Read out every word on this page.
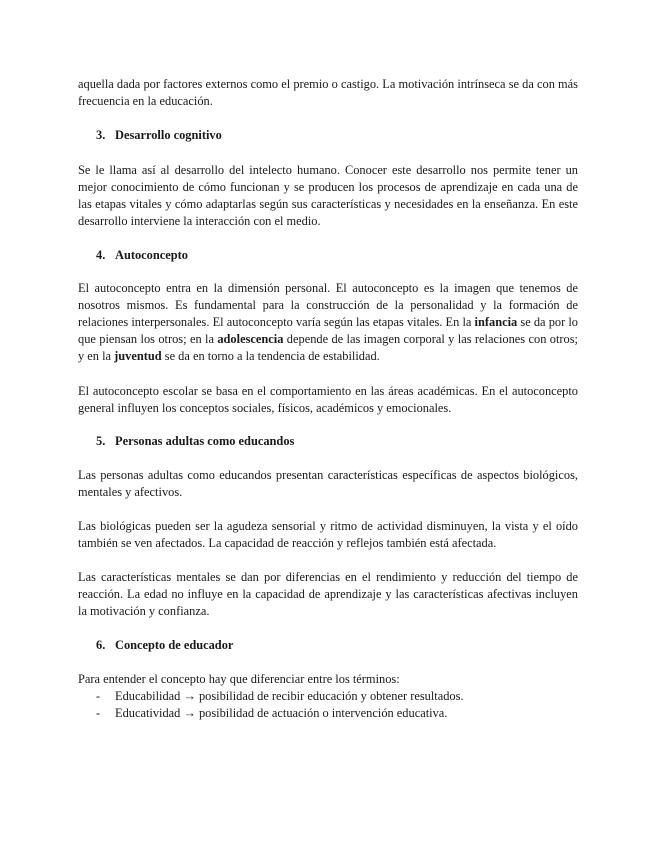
aquella dada por factores externos como el premio o castigo. La motivación intrínseca se da con más frecuencia en la educación.

3. Desarrollo cognitivo

Se le llama así al desarrollo del intelecto humano. Conocer este desarrollo nos permite tener un mejor conocimiento de cómo funcionan y se producen los procesos de aprendizaje en cada una de las etapas vitales y cómo adaptarlas según sus características y necesidades en la enseñanza. En este desarrollo interviene la interacción con el medio.

4. Autoconcepto

El autoconcepto entra en la dimensión personal. El autoconcepto es la imagen que tenemos de nosotros mismos. Es fundamental para la construcción de la personalidad y la formación de relaciones interpersonales. El autoconcepto varía según las etapas vitales. En la infancia se da por lo que piensan los otros; en la adolescencia depende de las imagen corporal y las relaciones con otros; y en la juventud se da en torno a la tendencia de estabilidad.

El autoconcepto escolar se basa en el comportamiento en las áreas académicas. En el autoconcepto general influyen los conceptos sociales, físicos, académicos y emocionales.

5. Personas adultas como educandos

Las personas adultas como educandos presentan características específicas de aspectos biológicos, mentales y afectivos.

Las biológicas pueden ser la agudeza sensorial y ritmo de actividad disminuyen, la vista y el oído también se ven afectados. La capacidad de reacción y reflejos también está afectada.

Las características mentales se dan por diferencias en el rendimiento y reducción del tiempo de reacción. La edad no influye en la capacidad de aprendizaje y las características afectivas incluyen la motivación y confianza.

6. Concepto de educador

Para entender el concepto hay que diferenciar entre los términos:

- Educabilidad → posibilidad de recibir educación y obtener resultados.

- Educatividad → posibilidad de actuación o intervención educativa.
